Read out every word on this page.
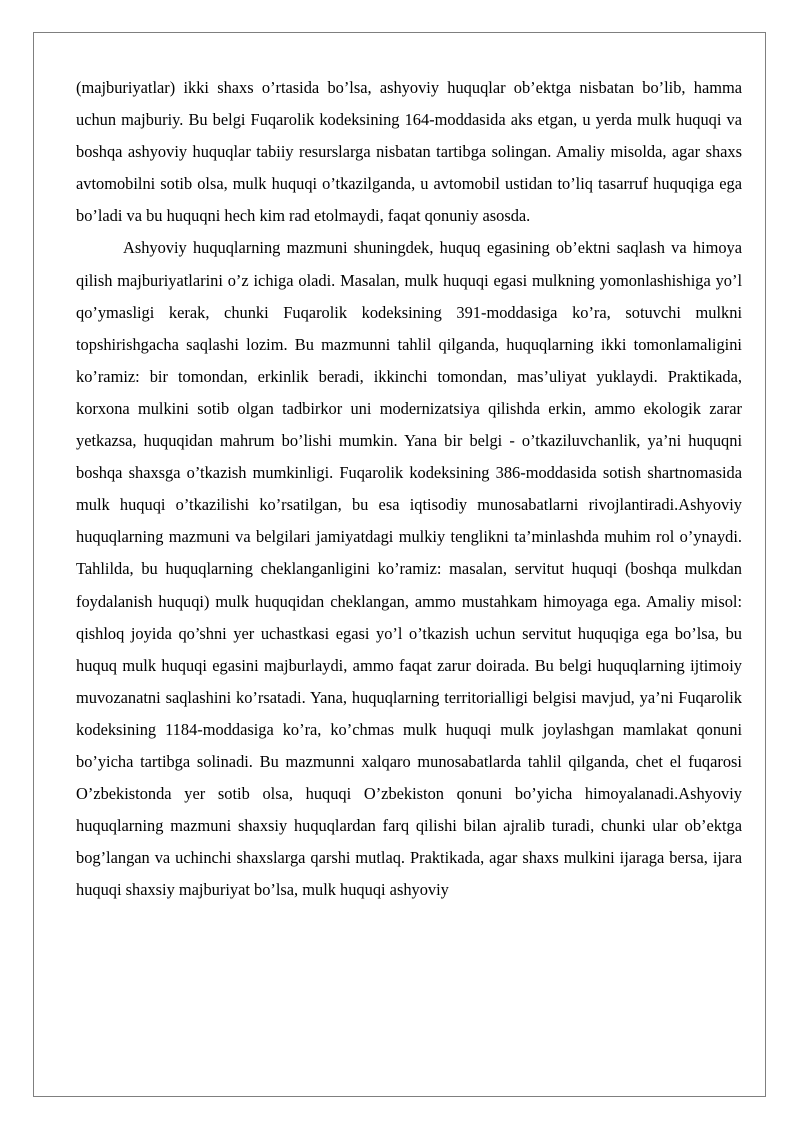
(majburiyatlar) ikki shaxs o’rtasida bo’lsa, ashyoviy huquqlar ob’ektga nisbatan bo’lib, hamma uchun majburiy. Bu belgi Fuqarolik kodeksining 164-moddasida aks etgan, u yerda mulk huquqi va boshqa ashyoviy huquqlar tabiiy resurslarga nisbatan tartibga solingan. Amaliy misolda, agar shaxs avtomobilni sotib olsa, mulk huquqi o’tkazilganda, u avtomobil ustidan to’liq tasarruf huquqiga ega bo’ladi va bu huquqni hech kim rad etolmaydi, faqat qonuniy asosda.

Ashyoviy huquqlarning mazmuni shuningdek, huquq egasining ob’ektni saqlash va himoya qilish majburiyatlarini o’z ichiga oladi. Masalan, mulk huquqi egasi mulkning yomonlashishiga yo’l qo’ymasligi kerak, chunki Fuqarolik kodeksining 391-moddasiga ko’ra, sotuvchi mulkni topshirishgacha saqlashi lozim. Bu mazmunni tahlil qilganda, huquqlarning ikki tomonlamaligini ko’ramiz: bir tomondan, erkinlik beradi, ikkinchi tomondan, mas’uliyat yuklaydi. Praktikada, korxona mulkini sotib olgan tadbirkor uni modernizatsiya qilishda erkin, ammo ekologik zarar yetkazsa, huquqidan mahrum bo’lishi mumkin. Yana bir belgi - o’tkaziluvchanlik, ya’ni huquqni boshqa shaxsga o’tkazish mumkinligi. Fuqarolik kodeksining 386-moddasida sotish shartnomasida mulk huquqi o’tkazilishi ko’rsatilgan, bu esa iqtisodiy munosabatlarni rivojlantiradi.Ashyoviy huquqlarning mazmuni va belgilari jamiyatdagi mulkiy tenglikni ta’minlashda muhim rol o’ynaydi. Tahlilda, bu huquqlarning cheklanganligini ko’ramiz: masalan, servitut huquqi (boshqa mulkdan foydalanish huquqi) mulk huquqidan cheklangan, ammo mustahkam himoyaga ega. Amaliy misol: qishloq joyida qo’shni yer uchastkasi egasi yo’l o’tkazish uchun servitut huquqiga ega bo’lsa, bu huquq mulk huquqi egasini majburlaydi, ammo faqat zarur doirada. Bu belgi huquqlarning ijtimoiy muvozanatni saqlashini ko’rsatadi. Yana, huquqlarning territorialligi belgisi mavjud, ya’ni Fuqarolik kodeksining 1184-moddasiga ko’ra, ko’chmas mulk huquqi mulk joylashgan mamlakat qonuni bo’yicha tartibga solinadi. Bu mazmunni xalqaro munosabatlarda tahlil qilganda, chet el fuqarosi O’zbekistonda yer sotib olsa, huquqi O’zbekiston qonuni bo’yicha himoyalanadi.Ashyoviy huquqlarning mazmuni shaxsiy huquqlardan farq qilishi bilan ajralib turadi, chunki ular ob’ektga bog’langan va uchinchi shaxslarga qarshi mutlaq. Praktikada, agar shaxs mulkini ijaraga bersa, ijara huquqi shaxsiy majburiyat bo’lsa, mulk huquqi ashyoviy
